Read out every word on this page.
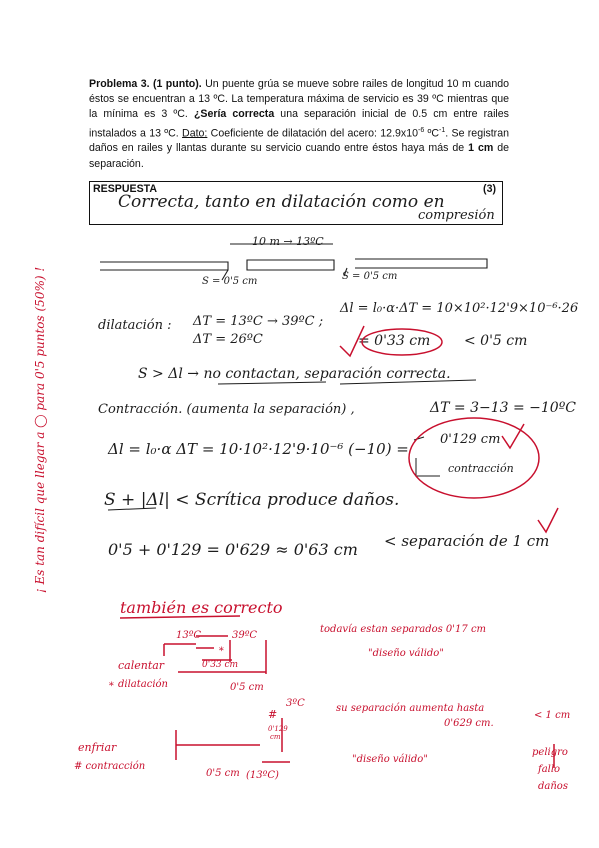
Problema 3. (1 punto). Un puente grúa se mueve sobre railes de longitud 10 m cuando éstos se encuentran a 13 ºC. La temperatura máxima de servicio es 39 ºC mientras que la mínima es 3 ºC. ¿Sería correcta una separación inicial de 0.5 cm entre railes instalados a 13 ºC. Dato: Coeficiente de dilatación del acero: $12.9x10^{-6}$ ºC$^{-1}$. Se registran daños en railes y llantas durante su servicio cuando entre éstos haya más de 1 cm de separación.
RESPUESTA	(3)
Correcta, tanto en dilatación como en
compresión
10 m → 13ºC
S = 0'5 cm	S = 0'5 cm
dilatación : ΔT = 13ºC → 39ºC ;
ΔT = 26ºC
Δl = l₀·α·ΔT = 10×10²·12'9×10⁻⁶·26
= 0'33 cm < 0'5 cm
S > Δl → no contactan, separación correcta.
Contracción. (aumenta la separación) ,	ΔT = 3−13 = −10ºC
Δl = l₀·α ΔT = 10·10²·12'9·10⁻⁶ (−10) =
0'129 cm
contracción
S + |Δl| < Scrítica produce daños.
0'5 + 0'129 = 0'629 ≈ 0'63 cm < separación de 1 cm
también es correcto
calentar
∗ dilatación
13ºC	39ºC
∗
0'33 cm
0'5 cm
todavía estan separados 0'17 cm
"diseño válido"
enfriar
# contracción
3ºC
#
0'129
cm
0'5 cm (13ºC)
su separación aumenta hasta
0'629 cm.
< 1 cm
"diseño válido"
peligro
fallo
daños
¡ Es tan difícil que llegar a ◯ para 0'5 puntos (50%) !
